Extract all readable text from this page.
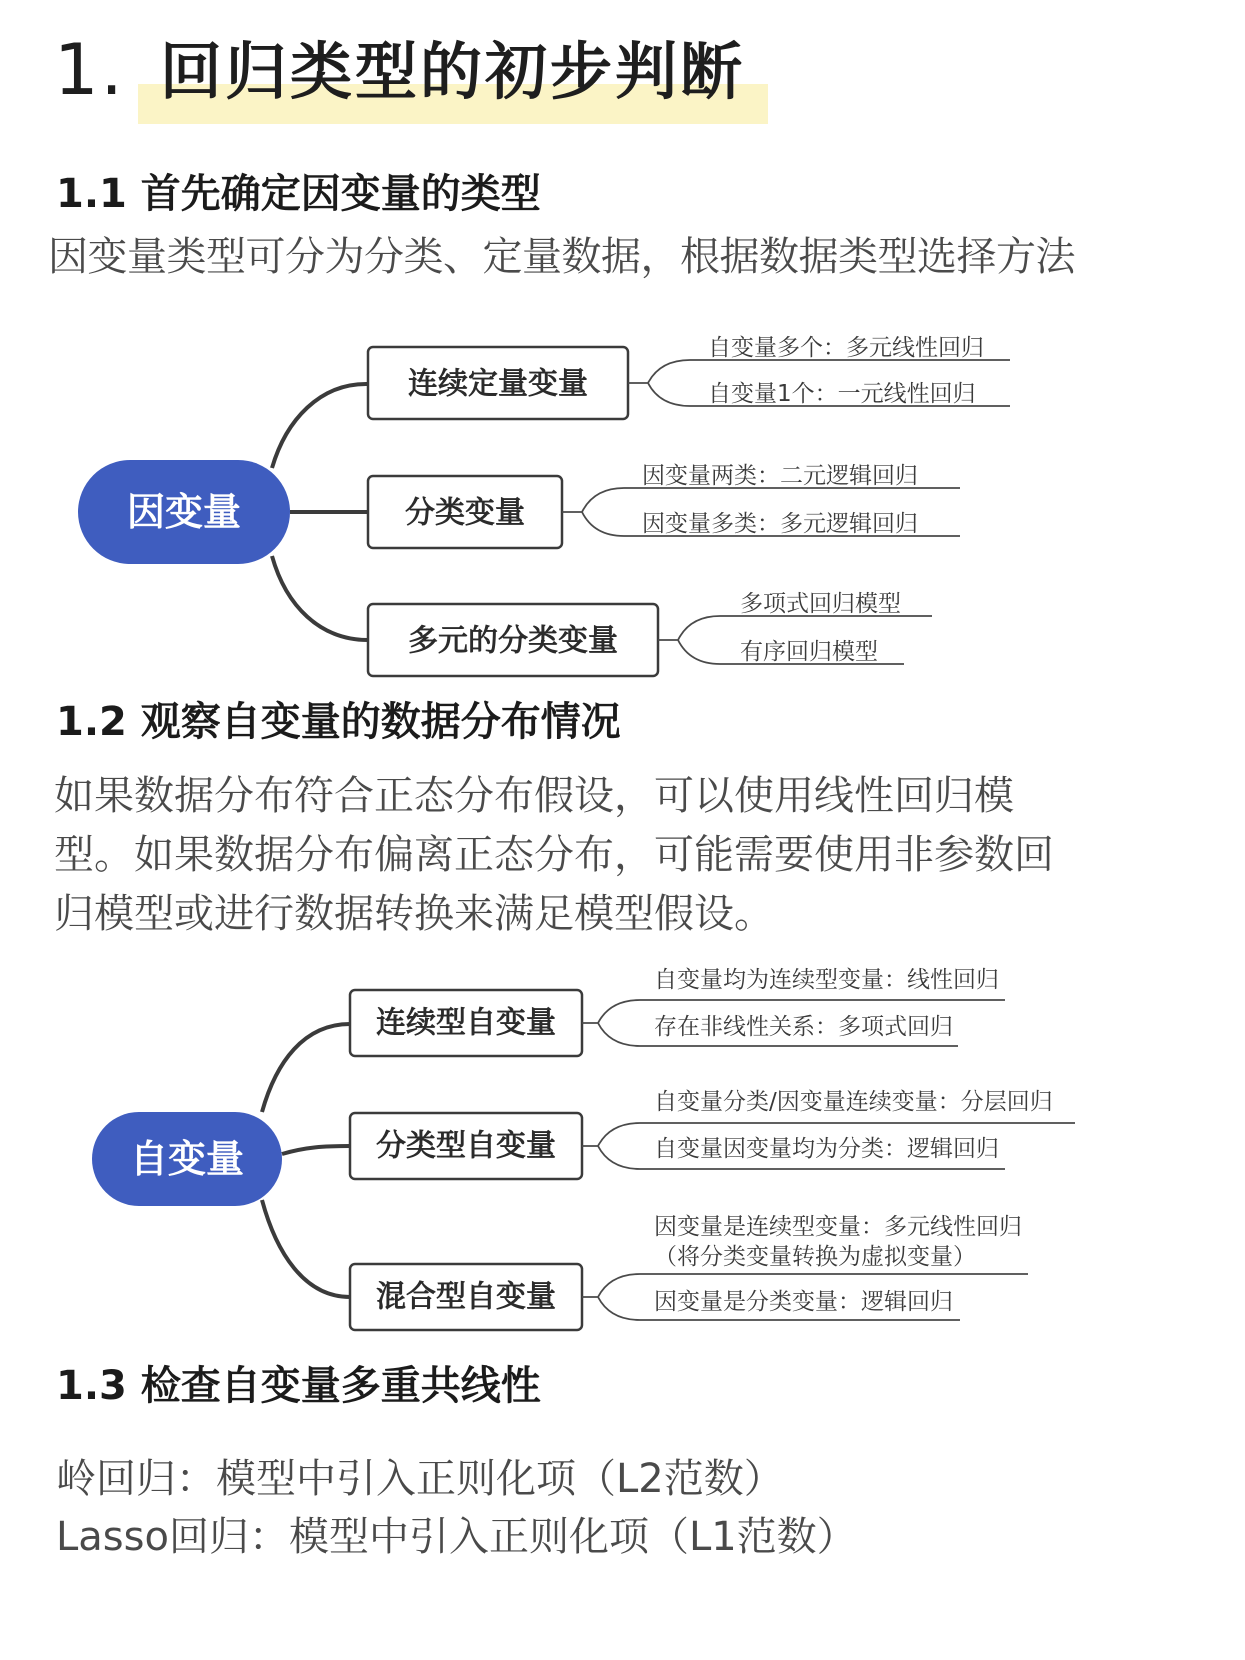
1. 回归类型的初步判断
1.1 首先确定因变量的类型
因变量类型可分为分类、定量数据，根据数据类型选择方法
因变量
连续定量变量
自变量多个：多元线性回归
自变量1个：一元线性回归
分类变量
因变量两类：二元逻辑回归
因变量多类：多元逻辑回归
多元的分类变量
多项式回归模型
有序回归模型
自变量
连续型自变量
自变量均为连续型变量：线性回归
存在非线性关系：多项式回归
分类型自变量
自变量分类/因变量连续变量：分层回归
自变量因变量均为分类：逻辑回归
混合型自变量
因变量是连续型变量：多元线性回归
（将分类变量转换为虚拟变量）
因变量是分类变量：逻辑回归
1.2 观察自变量的数据分布情况
如果数据分布符合正态分布假设，可以使用线性回归模
型。如果数据分布偏离正态分布，可能需要使用非参数回
归模型或进行数据转换来满足模型假设。
1.3 检查自变量多重共线性
岭回归：模型中引入正则化项（L2范数）
Lasso回归：模型中引入正则化项（L1范数）
